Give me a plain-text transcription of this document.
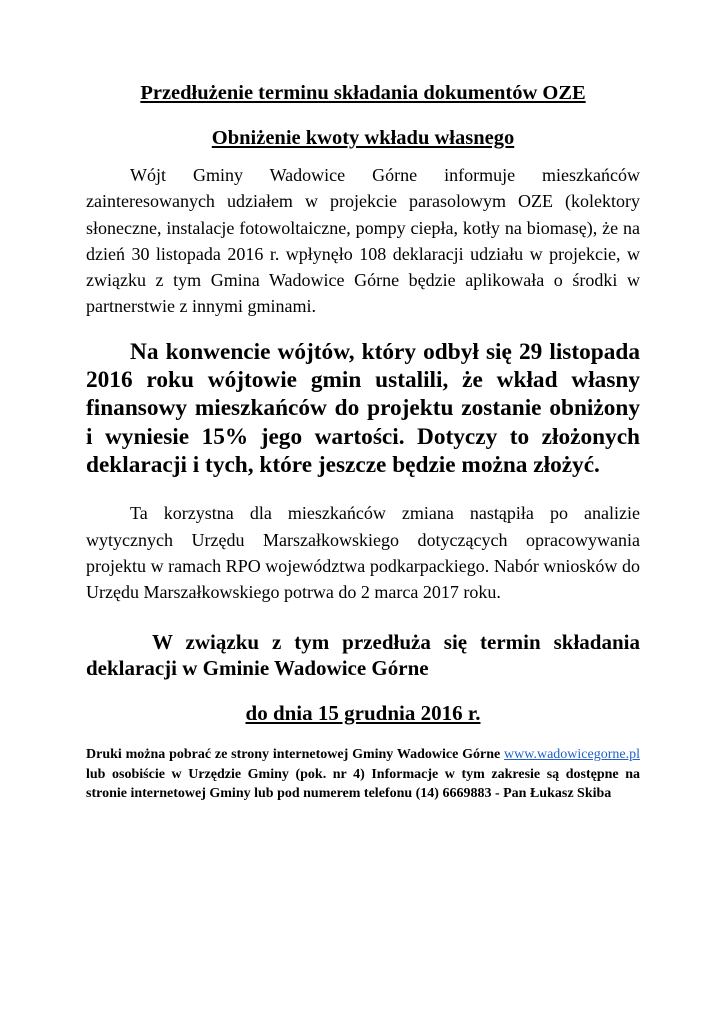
Przedłużenie terminu składania dokumentów OZE

Obniżenie kwoty wkładu własnego

Wójt Gminy Wadowice Górne informuje mieszkańców zainteresowanych udziałem w projekcie parasolowym OZE (kolektory słoneczne, instalacje fotowoltaiczne, pompy ciepła, kotły na biomasę), że na dzień 30 listopada 2016 r. wpłynęło 108 deklaracji udziału w projekcie, w związku z tym Gmina Wadowice Górne będzie aplikowała o środki w partnerstwie z innymi gminami.

Na konwencie wójtów, który odbył się 29 listopada 2016 roku wójtowie gmin ustalili, że wkład własny finansowy mieszkańców do projektu zostanie obniżony i wyniesie 15% jego wartości. Dotyczy to złożonych deklaracji i tych, które jeszcze będzie można złożyć.

Ta korzystna dla mieszkańców zmiana nastąpiła po analizie wytycznych Urzędu Marszałkowskiego dotyczących opracowywania projektu w ramach RPO województwa podkarpackiego. Nabór wniosków do Urzędu Marszałkowskiego potrwa do 2 marca 2017 roku.

W związku z tym przedłuża się termin składania deklaracji w Gminie Wadowice Górne

do dnia 15 grudnia 2016 r.

Druki można pobrać ze strony internetowej Gminy Wadowice Górne www.wadowicegorne.pl lub osobiście w Urzędzie Gminy (pok. nr 4) Informacje w tym zakresie są dostępne na stronie internetowej Gminy lub pod numerem telefonu (14) 6669883 - Pan Łukasz Skiba
